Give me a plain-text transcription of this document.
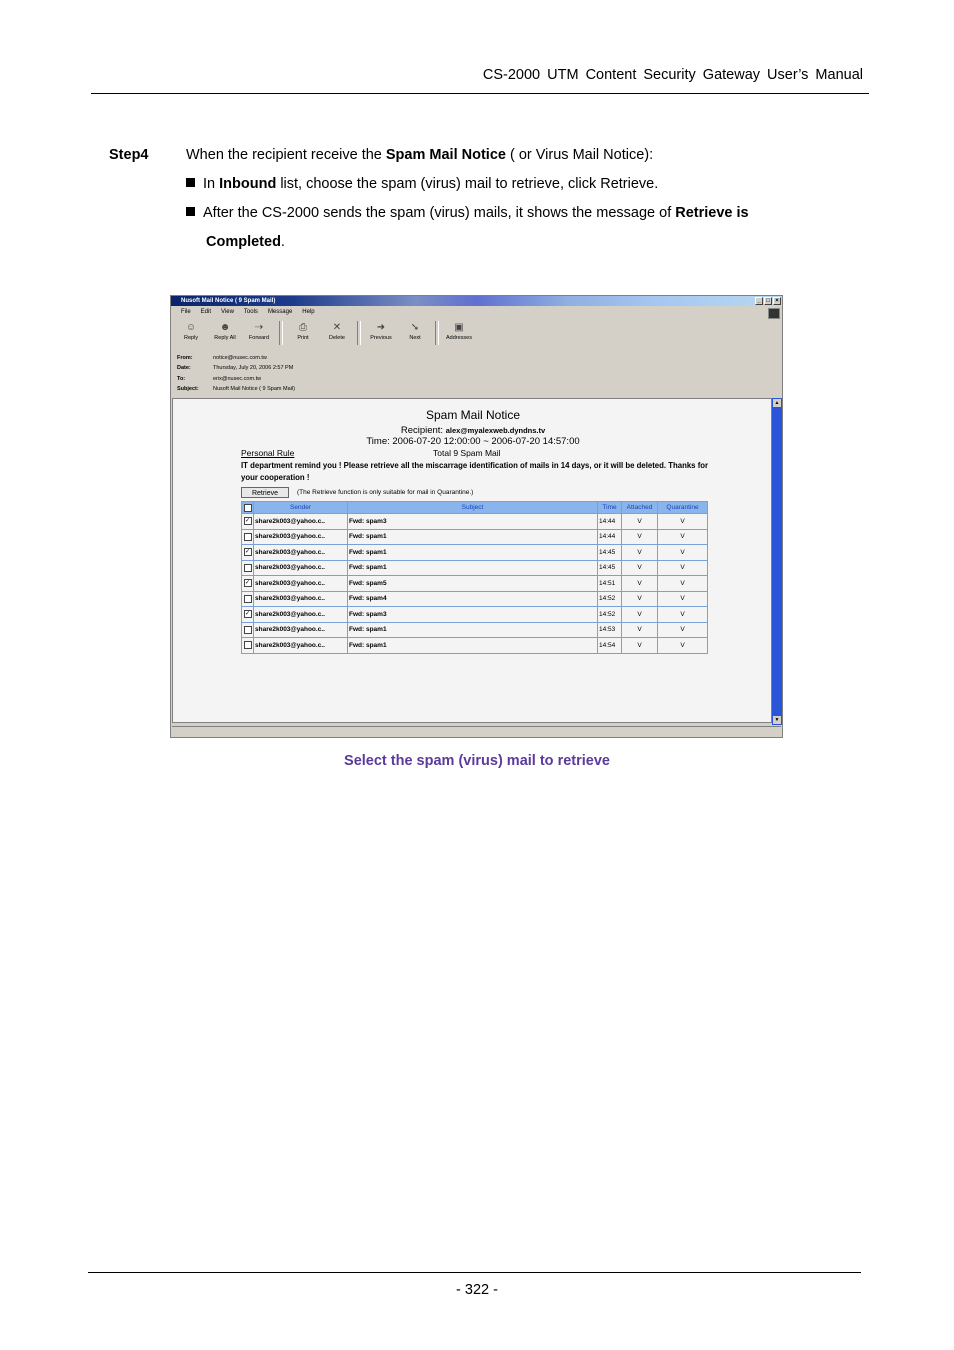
CS-2000 UTM Content Security Gateway User’s Manual
Step4	When the recipient receive the Spam Mail Notice ( or Virus Mail Notice):
In Inbound list, choose the spam (virus) mail to retrieve, click Retrieve.
After the CS-2000 sends the spam (virus) mails, it shows the message of Retrieve is
Completed.
Nusoft Mail Notice ( 9 Spam Mail)	_ □ ×
File Edit View Tools Message Help
☺
Reply
☻
Reply All
⇢
Forward
⎙
Print
✕
Delete
➜
Previous
➘
Next
▣
Addresses
From:	notice@nusec.com.tw
Date:	Thursday, July 20, 2006 2:57 PM
To:	erix@nusec.com.tw
Subject:	Nusoft Mail Notice ( 9 Spam Mail)
Spam Mail Notice
Recipient: alex@myalexweb.dyndns.tv
Time: 2006-07-20 12:00:00 ~ 2006-07-20 14:57:00
Personal Rule	Total 9 Spam Mail
IT department remind you ! Please retrieve all the miscarrage identification of mails in 14 days, or it will be deleted. Thanks for your cooperation !
Retrieve	(The Retrieve function is only suitable for mail in Quarantine.)
	Sender	Subject	Time	Attached	Quarantine
✓	share2k003@yahoo.c..	Fwd: spam3	14:44	V	V
	share2k003@yahoo.c..	Fwd: spam1	14:44	V	V
✓	share2k003@yahoo.c..	Fwd: spam1	14:45	V	V
	share2k003@yahoo.c..	Fwd: spam1	14:45	V	V
✓	share2k003@yahoo.c..	Fwd: spam5	14:51	V	V
	share2k003@yahoo.c..	Fwd: spam4	14:52	V	V
✓	share2k003@yahoo.c..	Fwd: spam3	14:52	V	V
	share2k003@yahoo.c..	Fwd: spam1	14:53	V	V
	share2k003@yahoo.c..	Fwd: spam1	14:54	V	V
▲
▼
Select the spam (virus) mail to retrieve
- 322 -
